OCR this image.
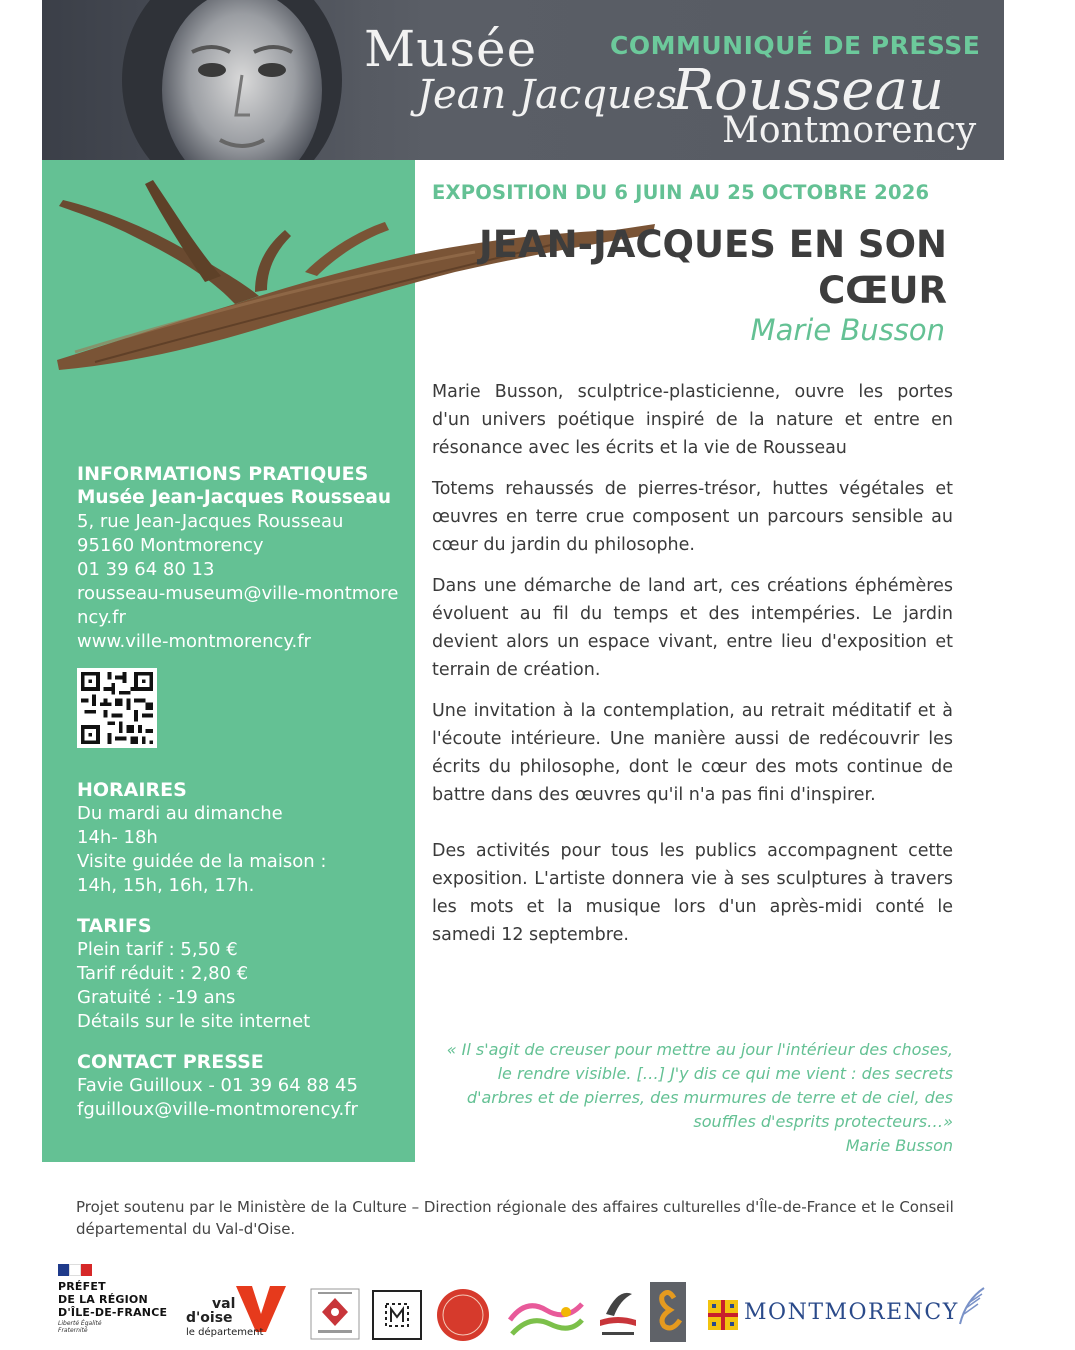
Musée	COMMUNIQUÉ DE PRESSE
Jean Jacques
Rousseau
Montmorency

INFORMATIONS PRATIQUES

Musée Jean-Jacques Rousseau

5, rue Jean-Jacques Rousseau

95160 Montmorency

01 39 64 80 13

rousseau-museum@ville-montmorency.fr

www.ville-montmorency.fr

HORAIRES

Du mardi au dimanche

14h- 18h

Visite guidée de la maison :

14h, 15h, 16h, 17h.

TARIFS

Plein tarif : 5,50 €

Tarif réduit : 2,80 €

Gratuité : -19 ans

Détails sur le site internet

CONTACT PRESSE

Favie Guilloux - 01 39 64 88 45

fguilloux@ville-montmorency.fr

EXPOSITION DU 6 JUIN AU 25 OCTOBRE 2026
JEAN-JACQUES EN SON
CŒUR
Marie Busson

Marie Busson, sculptrice-plasticienne, ouvre les portes d'un univers poétique inspiré de la nature et entre en résonance avec les écrits et la vie de Rousseau

Totems rehaussés de pierres-trésor, huttes végétales et œuvres en terre crue composent un parcours sensible au cœur du jardin du philosophe.

Dans une démarche de land art, ces créations éphémères évoluent au fil du temps et des intempéries. Le jardin devient alors un espace vivant, entre lieu d'exposition et terrain de création.

Une invitation à la contemplation, au retrait méditatif et à l'écoute intérieure. Une manière aussi de redécouvrir les écrits du philosophe, dont le cœur des mots continue de battre dans des œuvres qu'il n'a pas fini d'inspirer.

Des activités pour tous les publics accompagnent cette exposition. L'artiste donnera vie à ses sculptures à travers les mots et la musique lors d'un après-midi conté le samedi 12 septembre.

« Il s'agit de creuser pour mettre au jour l'intérieur des choses, le rendre visible. […] J'y dis ce qui me vient : des secrets d'arbres et de pierres, des murmures de terre et de ciel, des souffles d'esprits protecteurs…»
Marie Busson
Projet soutenu par le Ministère de la Culture – Direction régionale des affaires culturelles d'Île-de-France et le Conseil départemental du Val-d'Oise.
PRÉFET
DE LA RÉGION
D'ÎLE-DE-FRANCE
Liberté Égalité Fraternité
val
d'oise
le département
MONTMORENCY
